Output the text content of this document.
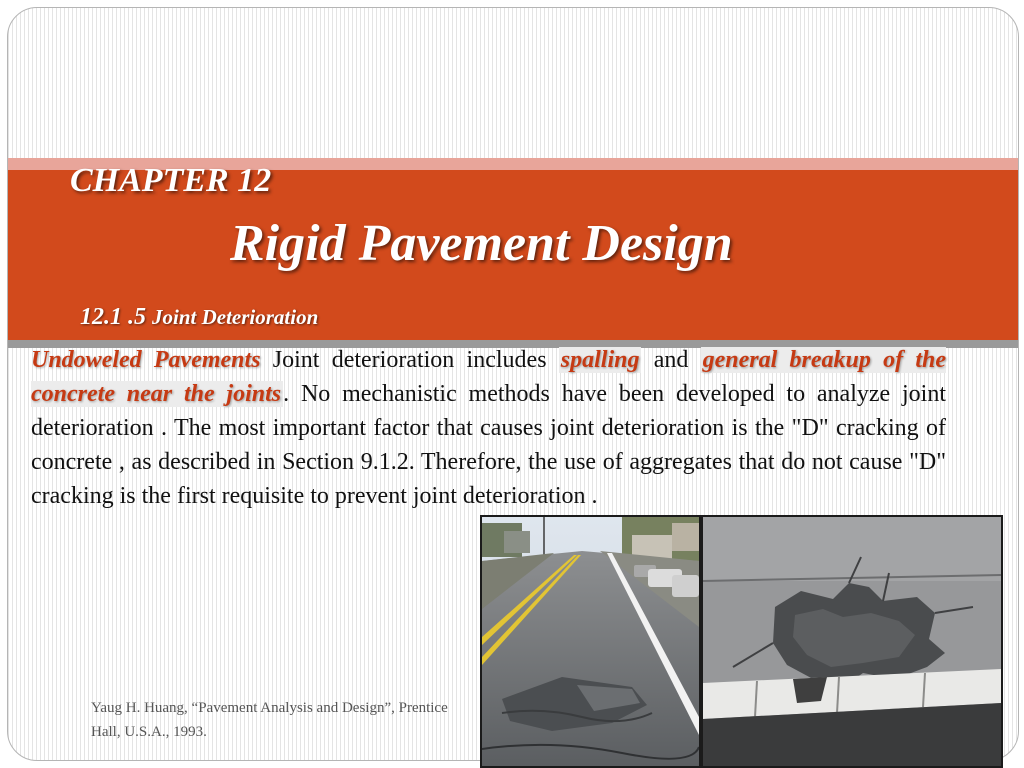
CHAPTER 12
Rigid Pavement Design
12.1 .5 Joint Deterioration

Undoweled Pavements Joint deterioration includes spalling and general breakup of the concrete near the joints. No mechanistic methods have been developed to analyze joint deterioration . The most important factor that causes joint deterioration is the "D" cracking of concrete , as described in Section 9.1.2. Therefore, the use of aggregates that do not cause "D" cracking is the first requisite to prevent joint deterioration .

Yaug H. Huang, “Pavement Analysis and Design”, Prentice Hall, U.S.A., 1993.
